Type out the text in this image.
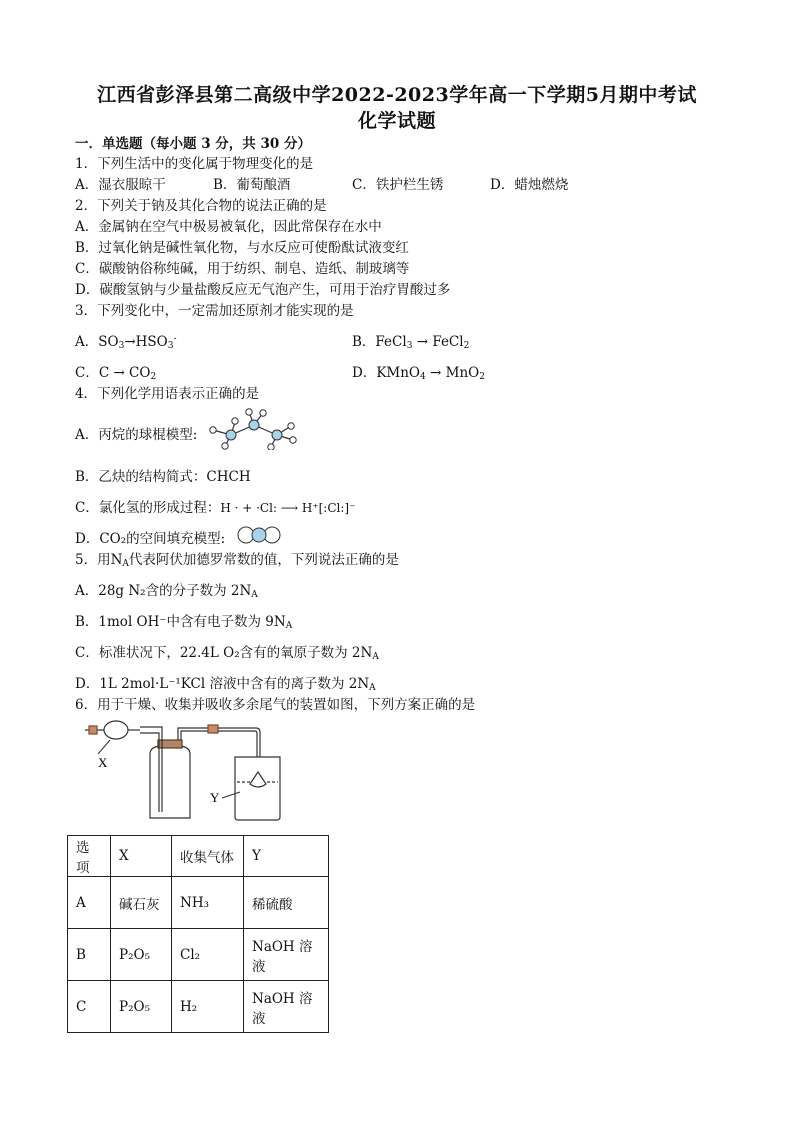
江西省彭泽县第二高级中学2022-2023学年高一下学期5月期中考试
化学试题
一．单选题（每小题 3 分，共 30 分）
1．下列生活中的变化属于物理变化的是
A．湿衣服晾干	B．葡萄酿酒	C．铁护栏生锈	D．蜡烛燃烧
2．下列关于钠及其化合物的说法正确的是
A．金属钠在空气中极易被氧化，因此常保存在水中
B．过氧化钠是碱性氧化物，与水反应可使酚酞试液变红
C．碳酸钠俗称纯碱，用于纺织、制皂、造纸、制玻璃等
D．碳酸氢钠与少量盐酸反应无气泡产生，可用于治疗胃酸过多
3．下列变化中，一定需加还原剂才能实现的是
A．$SO_3\to HSO_3^-$	B．FeCl$_3$ → FeCl$_2$
C．$C \to CO_2$	D．KMnO$_4$ → MnO$_2$
4．下列化学用语表示正确的是
A．丙烷的球棍模型:
B．乙炔的结构简式：CHCH
C．氯化氢的形成过程：H · + ·Cl: ⟶ H⁺[:Cl:]⁻
D．CO₂的空间填充模型:
5．用$N_A$代表阿伏加德罗常数的值，下列说法正确的是
A．28g N₂含的分子数为 $2N_A$
B．1mol OH⁻中含有电子数为 $9N_A$
C．标准状况下，22.4L O₂含有的氧原子数为 $2N_A$
D．1L 2mol·L⁻¹KCl 溶液中含有的离子数为 $2N_A$
6．用于干燥、收集并吸收多余尾气的装置如图，下列方案正确的是
X
Y
选项	X	收集气体	Y
A	碱石灰	NH₃	稀硫酸
B	P₂O₅	Cl₂	NaOH 溶液
C	P₂O₅	H₂	NaOH 溶液
